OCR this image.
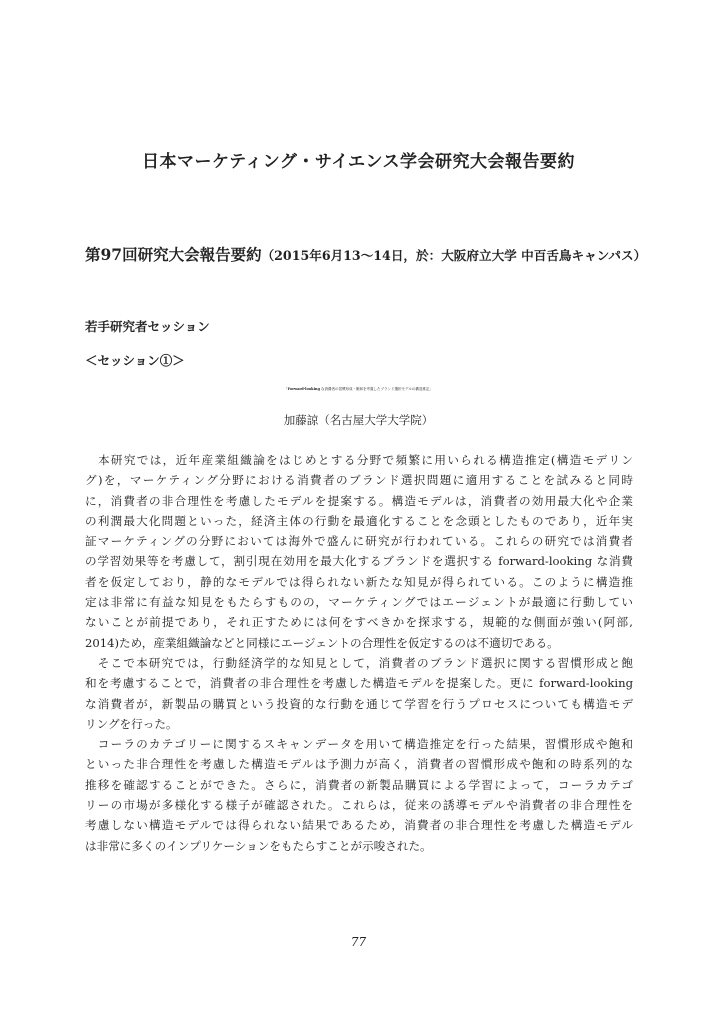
日本マーケティング・サイエンス学会研究大会報告要約
第97回研究大会報告要約（2015年6月13〜14日，於：大阪府立大学 中百舌鳥キャンパス）
若手研究者セッション
＜セッション①＞
「Forward-looking な消費者の習慣形成・飽和を考慮したブランド選択モデルの構造推定」
加藤諒（名古屋大学大学院）
　本研究では，近年産業組織論をはじめとする分野で頻繁に用いられる構造推定(構造モデリン
グ)を，マーケティング分野における消費者のブランド選択問題に適用することを試みると同時
に，消費者の非合理性を考慮したモデルを提案する。構造モデルは，消費者の効用最大化や企業
の利潤最大化問題といった，経済主体の行動を最適化することを念頭としたものであり，近年実
証マーケティングの分野においては海外で盛んに研究が行われている。これらの研究では消費者
の学習効果等を考慮して，割引現在効用を最大化するブランドを選択する forward-looking な消費
者を仮定しており，静的なモデルでは得られない新たな知見が得られている。このように構造推
定は非常に有益な知見をもたらすものの，マーケティングではエージェントが最適に行動してい
ないことが前提であり，それ正すためには何をすべきかを探求する，規範的な側面が強い(阿部,
2014)ため，産業組織論などと同様にエージェントの合理性を仮定するのは不適切である。
　そこで本研究では，行動経済学的な知見として，消費者のブランド選択に関する習慣形成と飽
和を考慮することで，消費者の非合理性を考慮した構造モデルを提案した。更に forward-looking
な消費者が，新製品の購買という投資的な行動を通じて学習を行うプロセスについても構造モデ
リングを行った。
　コーラのカテゴリーに関するスキャンデータを用いて構造推定を行った結果，習慣形成や飽和
といった非合理性を考慮した構造モデルは予測力が高く，消費者の習慣形成や飽和の時系列的な
推移を確認することができた。さらに，消費者の新製品購買による学習によって，コーラカテゴ
リーの市場が多様化する様子が確認された。これらは，従来の誘導モデルや消費者の非合理性を
考慮しない構造モデルでは得られない結果であるため，消費者の非合理性を考慮した構造モデル
は非常に多くのインプリケーションをもたらすことが示唆された。
77
